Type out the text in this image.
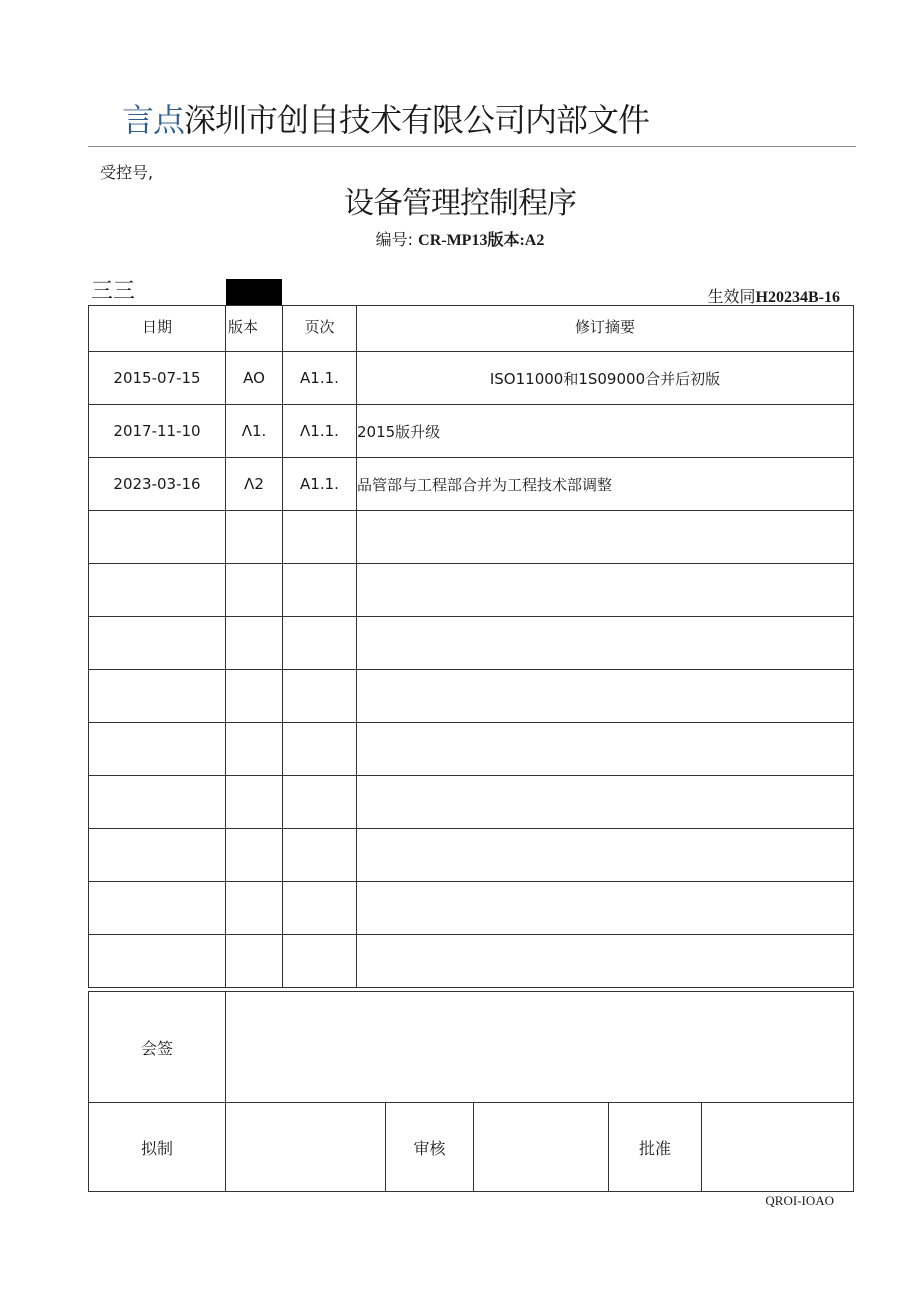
言点深圳市创自技术有限公司内部文件
受控号,
设备管理控制程序
编号: CR-MP13版本:A2
三三	生效同H20234B-16
日期	版本	页次	修订摘要
2015-07-15	AO	A1.1.	ISO11000和1S09000合并后初版
2017-11-10	Λ1.	Λ1.1.	2015版升级
2023-03-16	Λ2	A1.1.	品管部与工程部合并为工程技术部调整

会签	
拟制		审核		批准	
QROI-IOAO
